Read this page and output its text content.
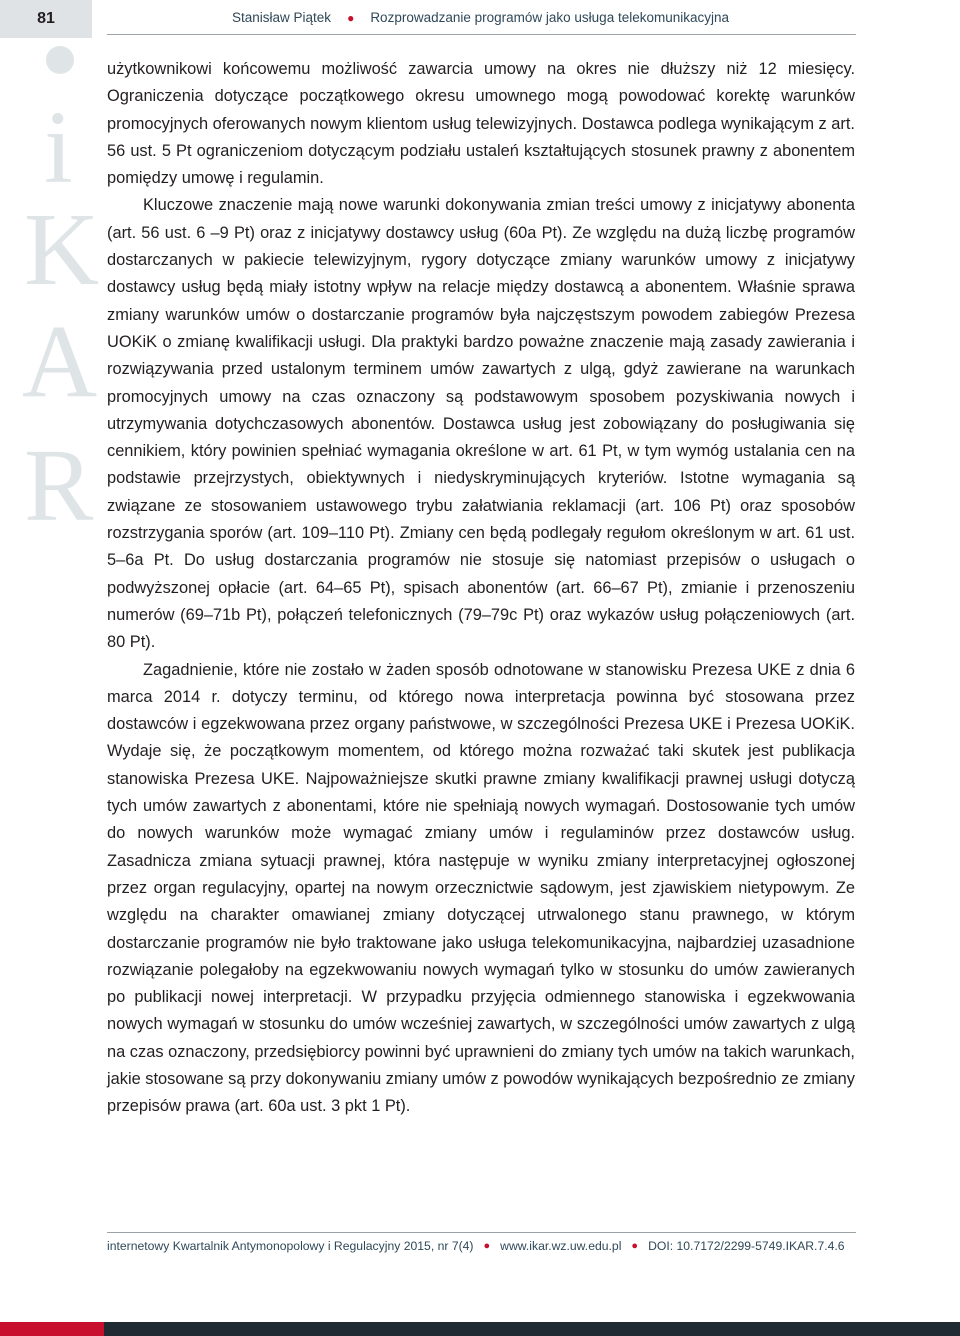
81	Stanisław Piątek ● Rozprowadzanie programów jako usługa telekomunikacyjna
i
K
A
R

użytkownikowi końcowemu możliwość zawarcia umowy na okres nie dłuższy niż 12 miesięcy. Ograniczenia dotyczące początkowego okresu umownego mogą powodować korektę warunków promocyjnych oferowanych nowym klientom usług telewizyjnych. Dostawca podlega wynikającym z art. 56 ust. 5 Pt ograniczeniom dotyczącym podziału ustaleń kształtujących stosunek prawny z abonentem pomiędzy umowę i regulamin.

Kluczowe znaczenie mają nowe warunki dokonywania zmian treści umowy z inicjatywy abonenta (art. 56 ust. 6 –9 Pt) oraz z inicjatywy dostawcy usług (60a Pt). Ze względu na dużą liczbę programów dostarczanych w pakiecie telewizyjnym, rygory dotyczące zmiany warunków umowy z inicjatywy dostawcy usług będą miały istotny wpływ na relacje między dostawcą a abonentem. Właśnie sprawa zmiany warunków umów o dostarczanie programów była najczęstszym powodem zabiegów Prezesa UOKiK o zmianę kwalifikacji usługi. Dla praktyki bardzo poważne znaczenie mają zasady zawierania i rozwiązywania przed ustalonym terminem umów zawartych z ulgą, gdyż zawierane na warunkach promocyjnych umowy na czas oznaczony są podstawowym sposobem pozyskiwania nowych i utrzymywania dotychczasowych abonentów. Dostawca usług jest zobowiązany do posługiwania się cennikiem, który powinien spełniać wymagania określone w art. 61 Pt, w tym wymóg ustalania cen na podstawie przejrzystych, obiektywnych i niedyskryminujących kryteriów. Istotne wymagania są związane ze stosowaniem ustawowego trybu załatwiania reklamacji (art. 106 Pt) oraz sposobów rozstrzygania sporów (art. 109–110 Pt). Zmiany cen będą podlegały regułom określonym w art. 61 ust. 5–6a Pt. Do usług dostarczania programów nie stosuje się natomiast przepisów o usługach o podwyższonej opłacie (art. 64–65 Pt), spisach abonentów (art. 66–67 Pt), zmianie i przenoszeniu numerów (69–71b Pt), połączeń telefonicznych (79–79c Pt) oraz wykazów usług połączeniowych (art. 80 Pt).

Zagadnienie, które nie zostało w żaden sposób odnotowane w stanowisku Prezesa UKE z dnia 6 marca 2014 r. dotyczy terminu, od którego nowa interpretacja powinna być stosowana przez dostawców i egzekwowana przez organy państwowe, w szczególności Prezesa UKE i Prezesa UOKiK. Wydaje się, że początkowym momentem, od którego można rozważać taki skutek jest publikacja stanowiska Prezesa UKE. Najpoważniejsze skutki prawne zmiany kwalifikacji prawnej usługi dotyczą tych umów zawartych z abonentami, które nie spełniają nowych wymagań. Dostosowanie tych umów do nowych warunków może wymagać zmiany umów i regulaminów przez dostawców usług. Zasadnicza zmiana sytuacji prawnej, która następuje w wyniku zmiany interpretacyjnej ogłoszonej przez organ regulacyjny, opartej na nowym orzecznictwie sądowym, jest zjawiskiem nietypowym. Ze względu na charakter omawianej zmiany dotyczącej utrwalonego stanu prawnego, w którym dostarczanie programów nie było traktowane jako usługa telekomunikacyjna, najbardziej uzasadnione rozwiązanie polegałoby na egzekwowaniu nowych wymagań tylko w stosunku do umów zawieranych po publikacji nowej interpretacji. W przypadku przyjęcia odmiennego stanowiska i egzekwowania nowych wymagań w stosunku do umów wcześniej zawartych, w szczególności umów zawartych z ulgą na czas oznaczony, przedsiębiorcy powinni być uprawnieni do zmiany tych umów na takich warunkach, jakie stosowane są przy dokonywaniu zmiany umów z powodów wynikających bezpośrednio ze zmiany przepisów prawa (art. 60a ust. 3 pkt 1 Pt).

internetowy Kwartalnik Antymonopolowy i Regulacyjny 2015, nr 7(4) ● www.ikar.wz.uw.edu.pl ● DOI: 10.7172/2299-5749.IKAR.7.4.6
